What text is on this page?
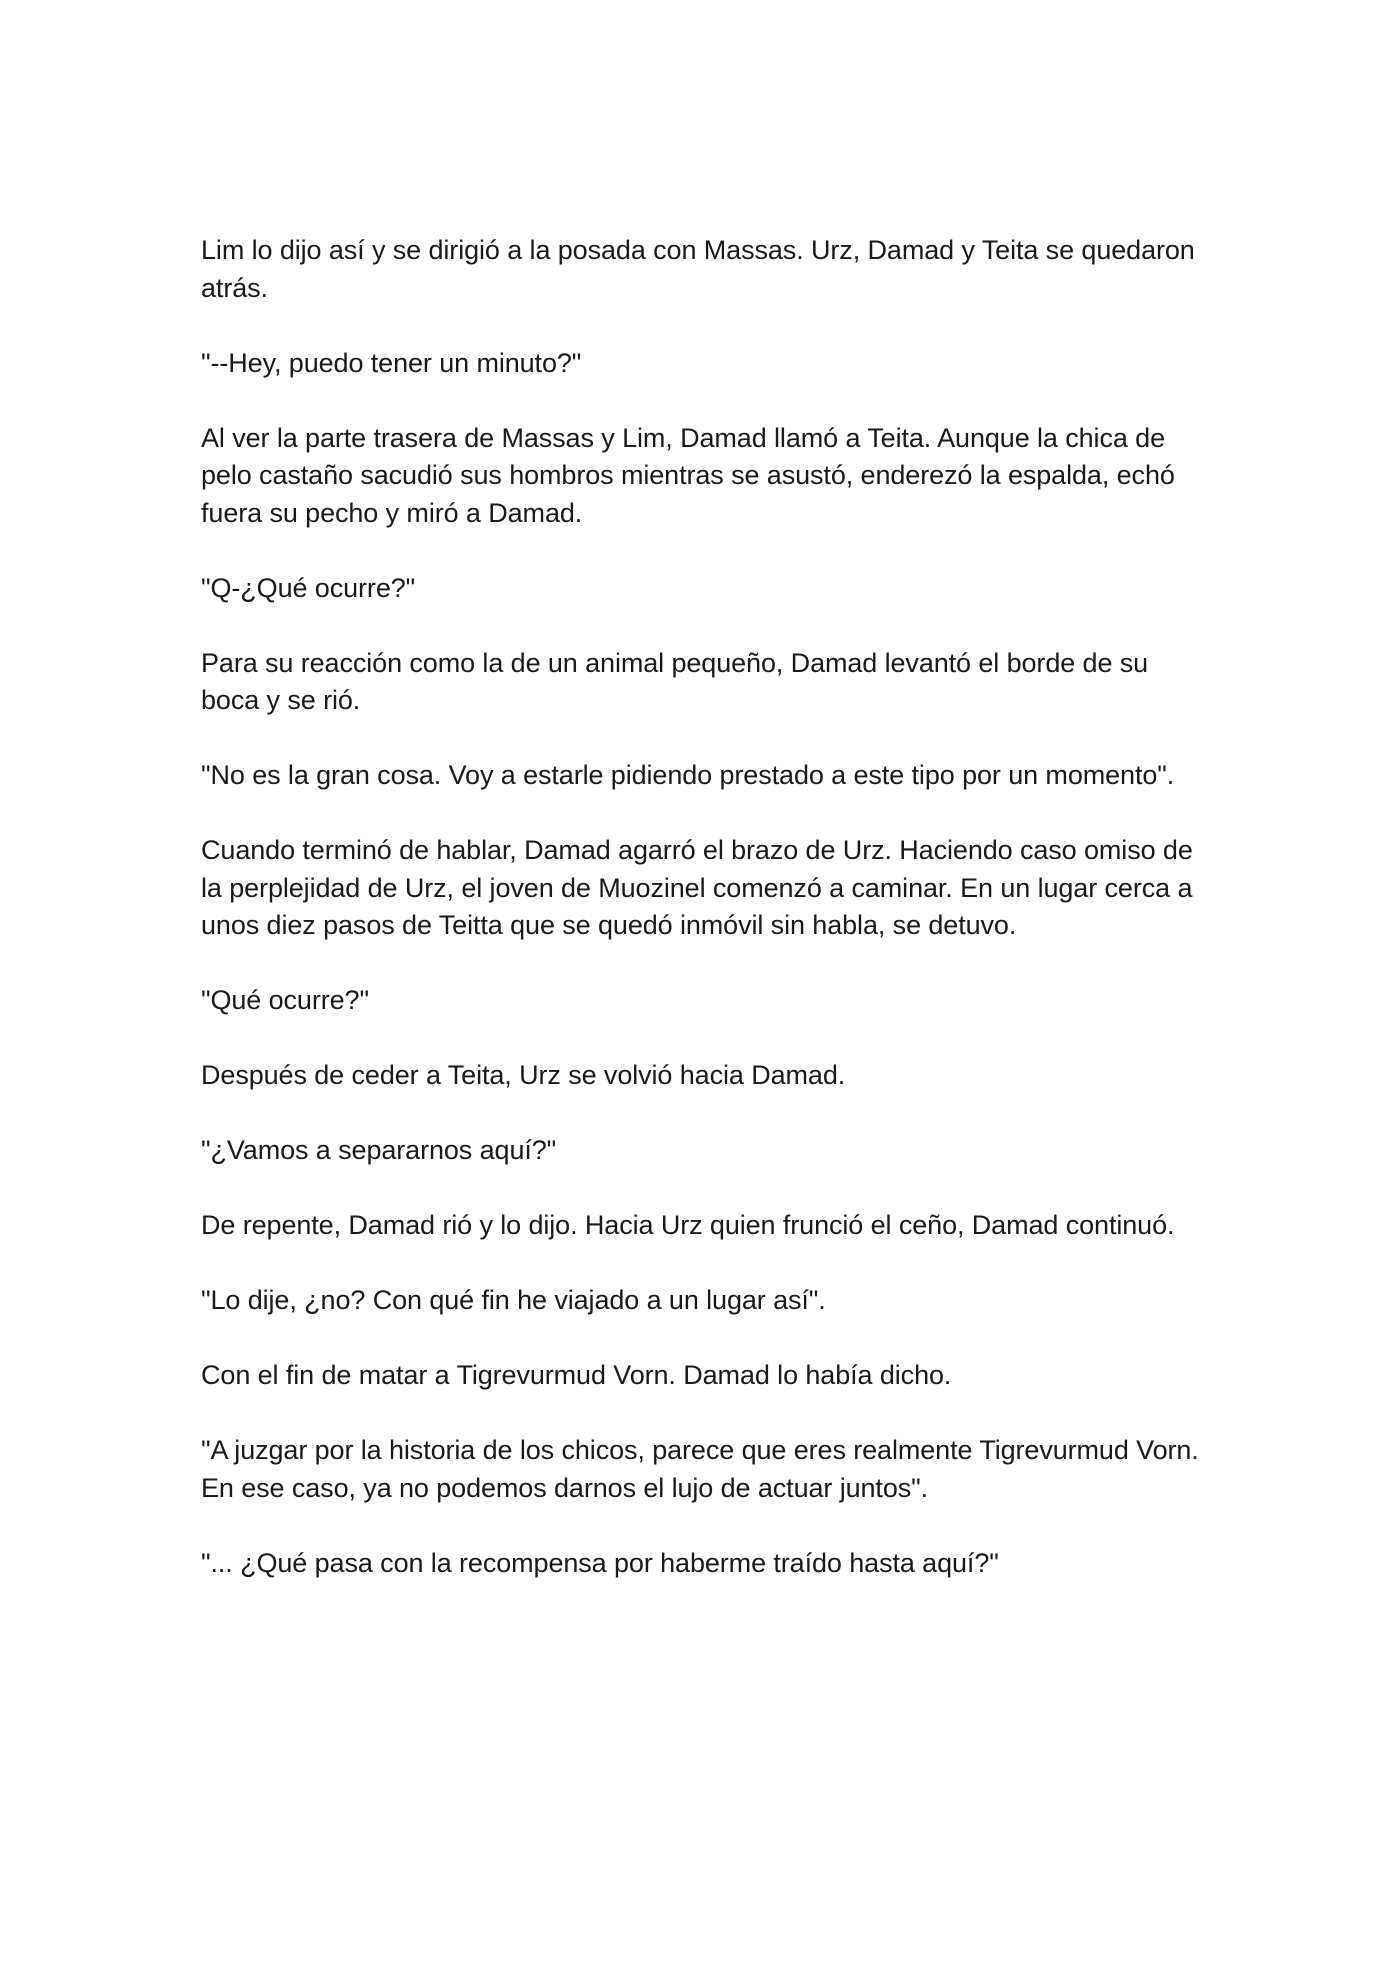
Lim lo dijo así y se dirigió a la posada con Massas. Urz, Damad y Teita se quedaron atrás.

"--Hey, puedo tener un minuto?"

Al ver la parte trasera de Massas y Lim, Damad llamó a Teita. Aunque la chica de pelo castaño sacudió sus hombros mientras se asustó, enderezó la espalda, echó fuera su pecho y miró a Damad.

"Q-¿Qué ocurre?"

Para su reacción como la de un animal pequeño, Damad levantó el borde de su boca y se rió.

"No es la gran cosa. Voy a estarle pidiendo prestado a este tipo por un momento".

Cuando terminó de hablar, Damad agarró el brazo de Urz. Haciendo caso omiso de la perplejidad de Urz, el joven de Muozinel comenzó a caminar. En un lugar cerca a unos diez pasos de Teitta que se quedó inmóvil sin habla, se detuvo.

"Qué ocurre?"

Después de ceder a Teita, Urz se volvió hacia Damad.

"¿Vamos a separarnos aquí?"

De repente, Damad rió y lo dijo. Hacia Urz quien frunció el ceño, Damad continuó.

"Lo dije, ¿no? Con qué fin he viajado a un lugar así".

Con el fin de matar a Tigrevurmud Vorn. Damad lo había dicho.

"A juzgar por la historia de los chicos, parece que eres realmente Tigrevurmud Vorn. En ese caso, ya no podemos darnos el lujo de actuar juntos".

"... ¿Qué pasa con la recompensa por haberme traído hasta aquí?"
